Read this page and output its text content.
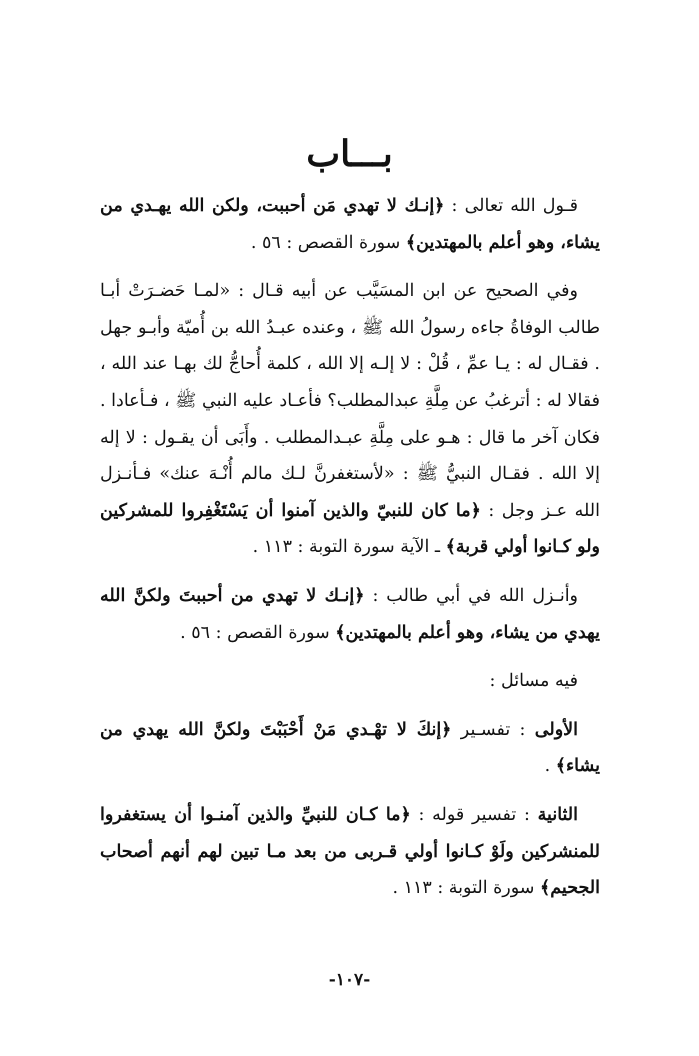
بـــاب

قـول الله تعالى : ﴿إنـك لا تهدي مَن أحببت، ولكن الله يهـدي من يشاء، وهو أعلم بالمهتدين﴾ سورة القصص : ٥٦ .

وفي الصحيح عن ابن المسَيَّب عن أبيه قـال : «لمـا حَضـرَتْ أبـا طالب الوفاةُ جاءه رسولُ الله ﷺ ، وعنده عبـدُ الله بن أُميّة وأبـو جهل . فقـال له : يـا عمِّ ، قُلْ : لا إلـه إلا الله ، كلمة أُحاجُّ لك بهـا عند الله ، فقالا له : أترغبُ عن مِلَّةِ عبدالمطلب؟ فأعـاد عليه النبي ﷺ ، فـأعادا . فكان آخر ما قال : هـو على مِلَّةِ عبـدالمطلب . وأَبَى أن يقـول : لا إله إلا الله . فقـال النبيُّ ﷺ : «لأستغفرنَّ لـك مالم أُنْـهَ عنك» فـأنـزل الله عـز وجل : ﴿ما كان للنبيّ والذين آمنوا أن يَسْتَغْفِروا للمشركين ولو كـانوا أولي قربة﴾ ـ الآية سورة التوبة : ١١٣ .

وأنـزل الله في أبي طالب : ﴿إنـك لا تهدي من أحببتَ ولكنَّ الله يهدي من يشاء، وهو أعلم بالمهتدين﴾ سورة القصص : ٥٦ .

فيه مسائل :

الأولى : تفسـير ﴿إنكَ لا تهْـدي مَنْ أَحْبَبْتَ ولكنَّ الله يهدي من يشاء﴾ .

الثانية : تفسير قوله : ﴿ما كـان للنبيِّ والذين آمنـوا أن يستغفروا للمنشركين ولَوْ كـانوا أولي قـربى من بعد مـا تبين لهم أنهم أصحاب الجحيم﴾ سورة التوبة : ١١٣ .

-١٠٧-
